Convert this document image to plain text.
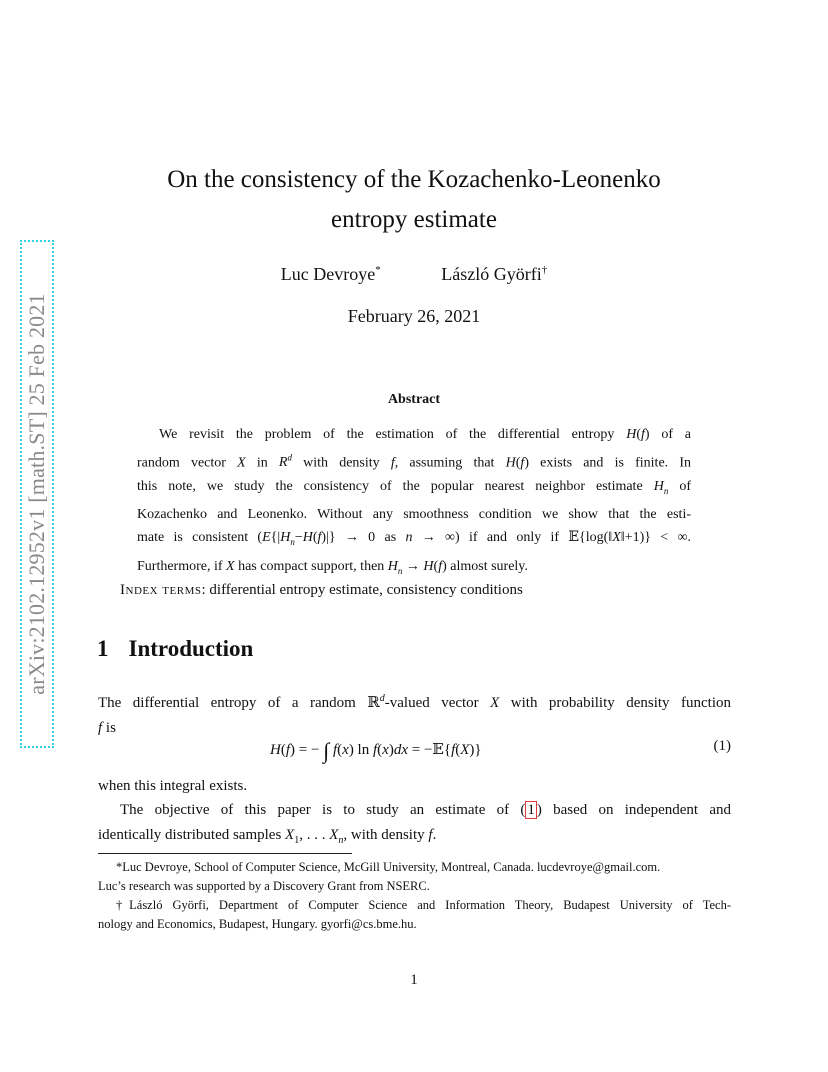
arXiv:2102.12952v1 [math.ST] 25 Feb 2021
On the consistency of the Kozachenko-Leonenko
entropy estimate
Luc Devroye*	László Györfi†
February 26, 2021
Abstract
We revisit the problem of the estimation of the differential entropy H(f) of a
random vector X in $R^d$ with density f, assuming that H(f) exists and is finite. In
this note, we study the consistency of the popular nearest neighbor estimate $H_n$ of
Kozachenko and Leonenko. Without any smoothness condition we show that the esti-
mate is consistent ($E\{|H_n-H(f)|\} \to 0$ as n → ∞) if and only if 𝔼{log(‖X‖+1)} < ∞.
Furthermore, if X has compact support, then $H_n \to H(f)$ almost surely.
Index terms: differential entropy estimate, consistency conditions
1 Introduction
The differential entropy of a random ℝ$^d$-valued vector X with probability density function
f is
H(f) = − ∫ f(x) ln f(x)dx = −𝔼{f(X)}	(1)
when this integral exists.
The objective of this paper is to study an estimate of ( 1 ) based on independent and
identically distributed samples $X_1$, . . . $X_n$, with density f.
*Luc Devroye, School of Computer Science, McGill University, Montreal, Canada. lucdevroye@gmail.com.
Luc’s research was supported by a Discovery Grant from NSERC.
†László Györfi, Department of Computer Science and Information Theory, Budapest University of Tech-
nology and Economics, Budapest, Hungary. gyorfi@cs.bme.hu.
1
